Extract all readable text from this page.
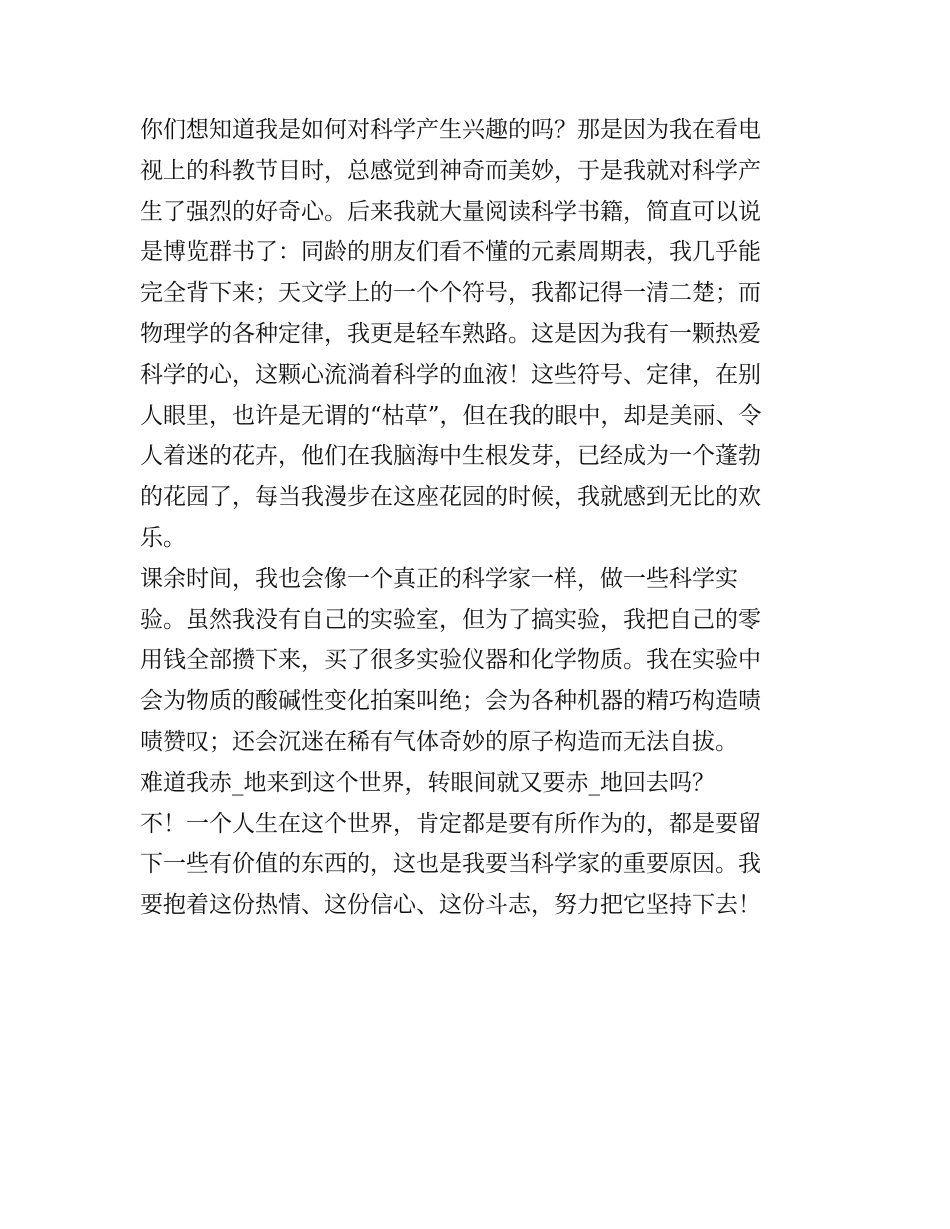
你们想知道我是如何对科学产生兴趣的吗？那是因为我在看电
视上的科教节目时，总感觉到神奇而美妙，于是我就对科学产
生了强烈的好奇心。后来我就大量阅读科学书籍，简直可以说
是博览群书了：同龄的朋友们看不懂的元素周期表，我几乎能
完全背下来；天文学上的一个个符号，我都记得一清二楚；而
物理学的各种定律，我更是轻车熟路。这是因为我有一颗热爱
科学的心，这颗心流淌着科学的血液！这些符号、定律，在别
人眼里，也许是无谓的“枯草”，但在我的眼中，却是美丽、令
人着迷的花卉，他们在我脑海中生根发芽，已经成为一个蓬勃
的花园了，每当我漫步在这座花园的时候，我就感到无比的欢
乐。
课余时间，我也会像一个真正的科学家一样，做一些科学实
验。虽然我没有自己的实验室，但为了搞实验，我把自己的零
用钱全部攒下来，买了很多实验仪器和化学物质。我在实验中
会为物质的酸碱性变化拍案叫绝；会为各种机器的精巧构造啧
啧赞叹；还会沉迷在稀有气体奇妙的原子构造而无法自拔。
难道我赤_地来到这个世界，转眼间就又要赤_地回去吗？
不！一个人生在这个世界，肯定都是要有所作为的，都是要留
下一些有价值的东西的，这也是我要当科学家的重要原因。我
要抱着这份热情、这份信心、这份斗志，努力把它坚持下去！
